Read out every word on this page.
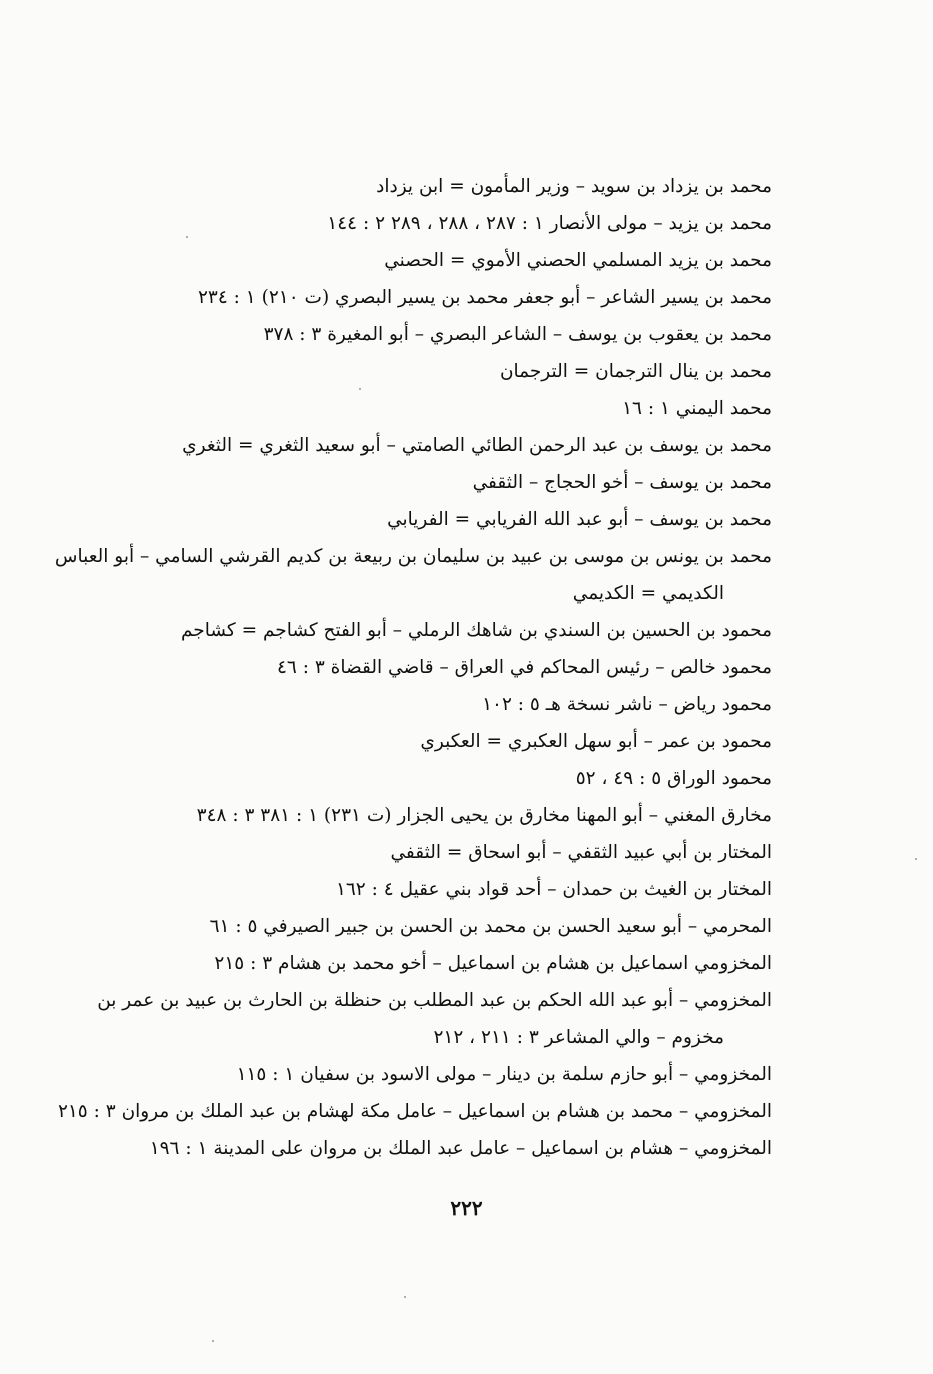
محمد بن يزداد بن سويد – وزير المأمون = ابن يزداد
محمد بن يزيد – مولى الأنصار ١ : ٢٨٧ ، ٢٨٨ ، ٢٨٩ ٢ : ١٤٤
محمد بن يزيد المسلمي الحصني الأموي = الحصني
محمد بن يسير الشاعر – أبو جعفر محمد بن يسير البصري (ت ٢١٠) ١ : ٢٣٤
محمد بن يعقوب بن يوسف – الشاعر البصري – أبو المغيرة ٣ : ٣٧٨
محمد بن ينال الترجمان = الترجمان
محمد اليمني ١ : ١٦
محمد بن يوسف بن عبد الرحمن الطائي الصامتي – أبو سعيد الثغري = الثغري
محمد بن يوسف – أخو الحجاج – الثقفي
محمد بن يوسف – أبو عبد الله الفريابي = الفريابي
محمد بن يونس بن موسى بن عبيد بن سليمان بن ربيعة بن كديم القرشي السامي – أبو العباس
الكديمي = الكديمي
محمود بن الحسين بن السندي بن شاهك الرملي – أبو الفتح كشاجم = كشاجم
محمود خالص – رئيس المحاكم في العراق – قاضي القضاة ٣ : ٤٦
محمود رياض – ناشر نسخة هـ ٥ : ١٠٢
محمود بن عمر – أبو سهل العكبري = العكبري
محمود الوراق ٥ : ٤٩ ، ٥٢
مخارق المغني – أبو المهنا مخارق بن يحيى الجزار (ت ٢٣١) ١ : ٣٨١ ٣ : ٣٤٨
المختار بن أبي عبيد الثقفي – أبو اسحاق = الثقفي
المختار بن الغيث بن حمدان – أحد قواد بني عقيل ٤ : ١٦٢
المحرمي – أبو سعيد الحسن بن محمد بن الحسن بن جبير الصيرفي ٥ : ٦١
المخزومي اسماعيل بن هشام بن اسماعيل – أخو محمد بن هشام ٣ : ٢١٥
المخزومي – أبو عبد الله الحكم بن عبد المطلب بن حنظلة بن الحارث بن عبيد بن عمر بن
مخزوم – والي المشاعر ٣ : ٢١١ ، ٢١٢
المخزومي – أبو حازم سلمة بن دينار – مولى الاسود بن سفيان ١ : ١١٥
المخزومي – محمد بن هشام بن اسماعيل – عامل مكة لهشام بن عبد الملك بن مروان ٣ : ٢١٥
المخزومي – هشام بن اسماعيل – عامل عبد الملك بن مروان على المدينة ١ : ١٩٦
٢٢٢
